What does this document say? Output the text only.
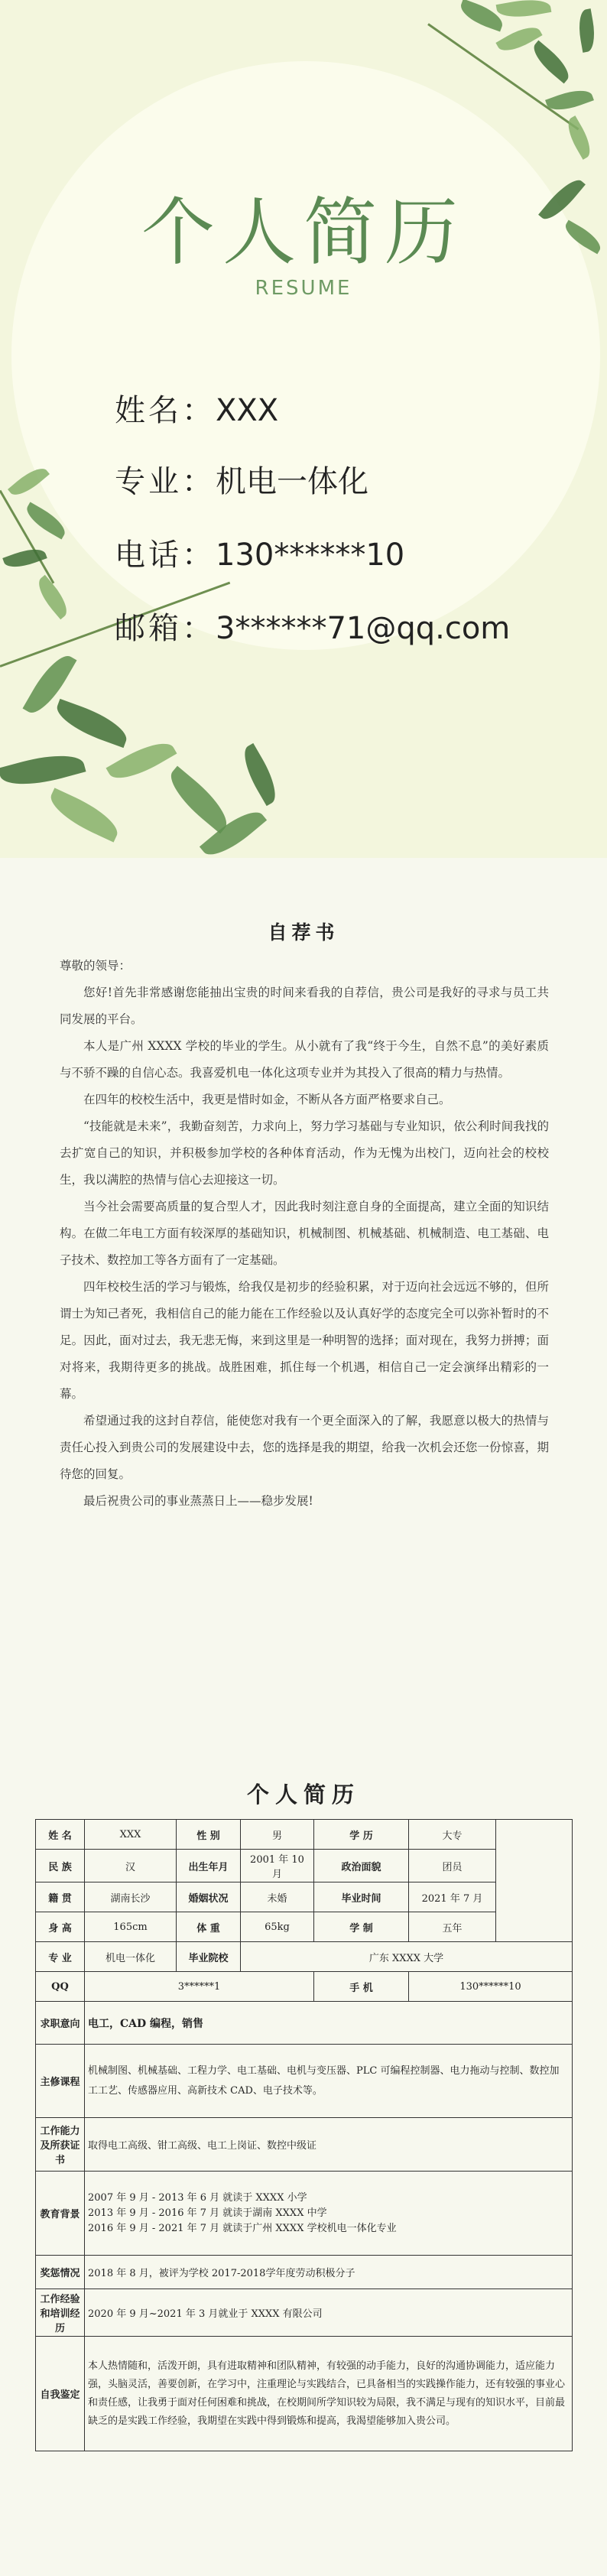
个人简历
RESUME
姓名：XXX
专业：机电一体化
电话：130******10
邮箱：3******71@qq.com
自荐书

尊敬的领导：

您好!首先非常感谢您能抽出宝贵的时间来看我的自荐信，贵公司是我好的寻求与员工共同发展的平台。

本人是广州 XXXX 学校的毕业的学生。从小就有了我“终于今生，自然不息”的美好素质与不骄不躁的自信心态。我喜爱机电一体化这项专业并为其投入了很高的精力与热情。

在四年的校校生活中，我更是惜时如金，不断从各方面严格要求自己。

“技能就是未来”，我勤奋刻苦，力求向上，努力学习基础与专业知识，依公利时间我找的去扩宽自己的知识，并积极参加学校的各种体育活动，作为无愧为出校门，迈向社会的校校生，我以满腔的热情与信心去迎接这一切。

当今社会需要高质量的复合型人才，因此我时刻注意自身的全面提高，建立全面的知识结构。在做二年电工方面有较深厚的基础知识，机械制图、机械基础、机械制造、电工基础、电子技术、数控加工等各方面有了一定基础。

四年校校生活的学习与锻炼，给我仅是初步的经验积累，对于迈向社会远远不够的，但所谓士为知己者死，我相信自己的能力能在工作经验以及认真好学的态度完全可以弥补暂时的不足。因此，面对过去，我无悲无悔，来到这里是一种明智的选择；面对现在，我努力拼搏；面对将来，我期待更多的挑战。战胜困难，抓住每一个机遇，相信自己一定会演绎出精彩的一幕。

希望通过我的这封自荐信，能使您对我有一个更全面深入的了解，我愿意以极大的热情与责任心投入到贵公司的发展建设中去，您的选择是我的期望，给我一次机会还您一份惊喜，期待您的回复。

最后祝贵公司的事业蒸蒸日上——稳步发展!

个人简历
姓 名	XXX	性 别	男	学 历	大专	
民 族	汉	出生年月	2001 年 10 月	政治面貌	团员	
籍 贯	湖南长沙	婚姻状况	未婚	毕业时间	2021 年 7 月	
身 高	165cm	体 重	65kg	学 制	五年	
专 业	机电一体化	毕业院校	广东 XXXX 大学			
QQ	3******1			手 机	130******10	
求职意向	电工，CAD 编程，销售					
主修课程	机械制图、机械基础、工程力学、电工基础、电机与变压器、PLC 可编程控制器、电力拖动与控制、数控加工工艺、传感器应用、高新技术 CAD、电子技术等。					
工作能力及所获证书	取得电工高级、钳工高级、电工上岗证、数控中级证					
教育背景	2007 年 9 月 - 2013 年 6 月 就读于 XXXX 小学
2013 年 9 月 - 2016 年 7 月 就读于湖南 XXXX 中学
2016 年 9 月 - 2021 年 7 月 就读于广州 XXXX 学校机电一体化专业					
奖惩情况	2018 年 8 月，被评为学校 2017-2018学年度劳动积极分子					
工作经验和培训经历	2020 年 9 月~2021 年 3 月就业于 XXXX 有限公司					
自我鉴定	本人热情随和，活泼开朗，具有进取精神和团队精神，有较强的动手能力，良好的沟通协调能力，适应能力强，头脑灵活，善要创新，在学习中，注重理论与实践结合，已具备相当的实践操作能力，还有较强的事业心和责任感，让我勇于面对任何困难和挑战，在校期间所学知识较为局限，我不满足与现有的知识水平，目前最缺乏的是实践工作经验，我期望在实践中得到锻炼和提高，我渴望能够加入贵公司。					
